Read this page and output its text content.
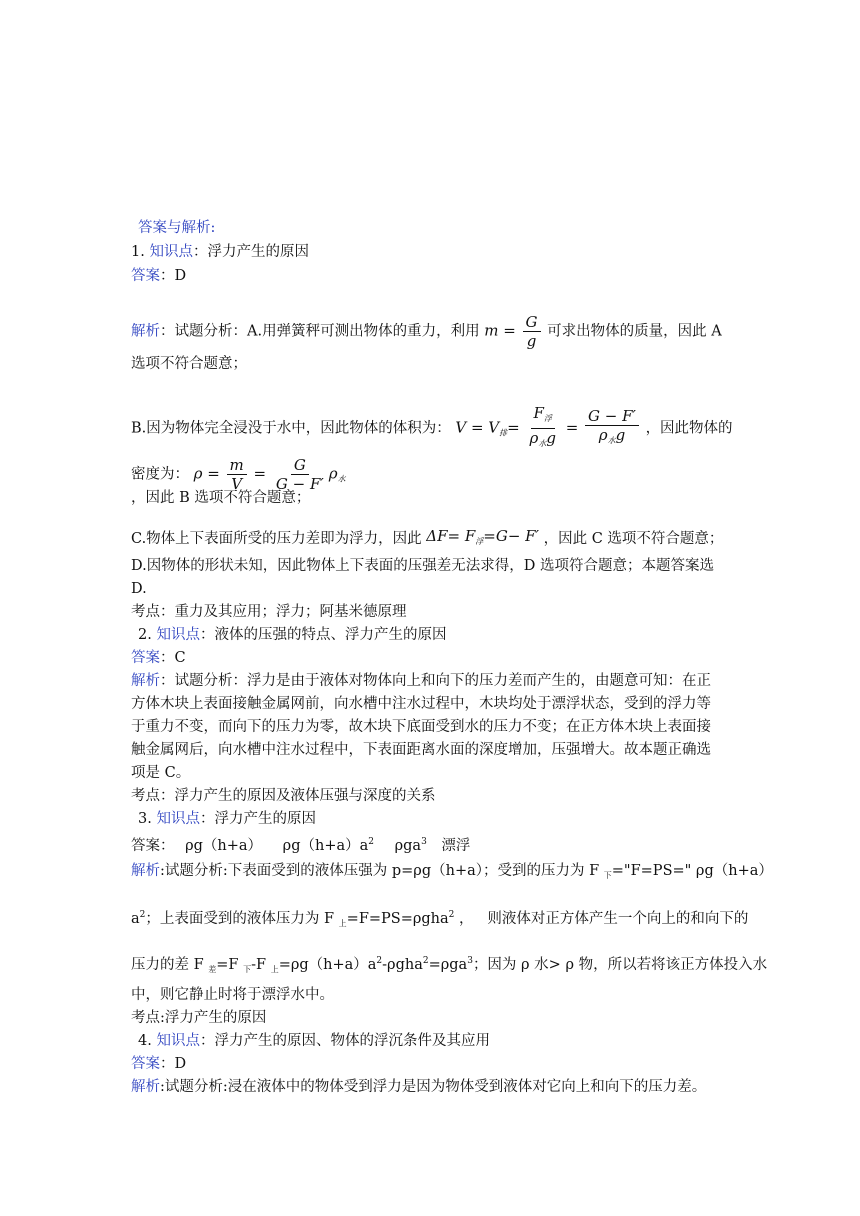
答案与解析:
1. 知识点：浮力产生的原因
答案：D
解析：试题分析：A.用弹簧秤可测出物体的重力，利用 $m = \frac{G}{g}$ 可求出物体的质量，因此 A
选项不符合题意；
B.因为物体完全浸没于水中，因此物体的体积为： $V = V_排= \frac{F_浮}{\rho_水g} = \frac{G - F'}{\rho_水g}$ ，因此物体的
密度为： $\rho = \frac{m}{V} = \frac{G}{G - F'} \rho_水$
，因此 B 选项不符合题意；
C.物体上下表面所受的压力差即为浮力，因此 $\Delta F= F_浮=G- F'$ ，因此 C 选项不符合题意；
D.因物体的形状未知，因此物体上下表面的压强差无法求得，D 选项符合题意；本题答案选
D.
考点：重力及其应用；浮力；阿基米德原理
2. 知识点：液体的压强的特点、浮力产生的原因
答案：C
解析：试题分析：浮力是由于液体对物体向上和向下的压力差而产生的，由题意可知：在正
方体木块上表面接触金属网前，向水槽中注水过程中，木块均处于漂浮状态，受到的浮力等
于重力不变，而向下的压力为零，故木块下底面受到水的压力不变；在正方体木块上表面接
触金属网后，向水槽中注水过程中，下表面距离水面的深度增加，压强增大。故本题正确选
项是 C。
考点：浮力产生的原因及液体压强与深度的关系
3. 知识点：浮力产生的原因
答案： ρg（h+a） $\rho g(h+a)a^2$ ρga$^3$ 漂浮
解析:试题分析:下表面受到的液体压强为 p=ρg（h+a）；受到的压力为 F $_下$="F=PS=" ρg（h+a）
$a^2$；上表面受到的液体压力为 F $_上$=F=PS=ρgha$^2$ ，   则液体对正方体产生一个向上的和向下的
压力的差 F $_差$=F $_下$-F $_上=\rho g(h+a)a^2-\rho gha^2=\rho ga^3$；因为 ρ 水> ρ 物，所以若将该正方体投入水
中，则它静止时将于漂浮水中。
考点:浮力产生的原因
4. 知识点：浮力产生的原因、物体的浮沉条件及其应用
答案：D
解析:试题分析:浸在液体中的物体受到浮力是因为物体受到液体对它向上和向下的压力差。
